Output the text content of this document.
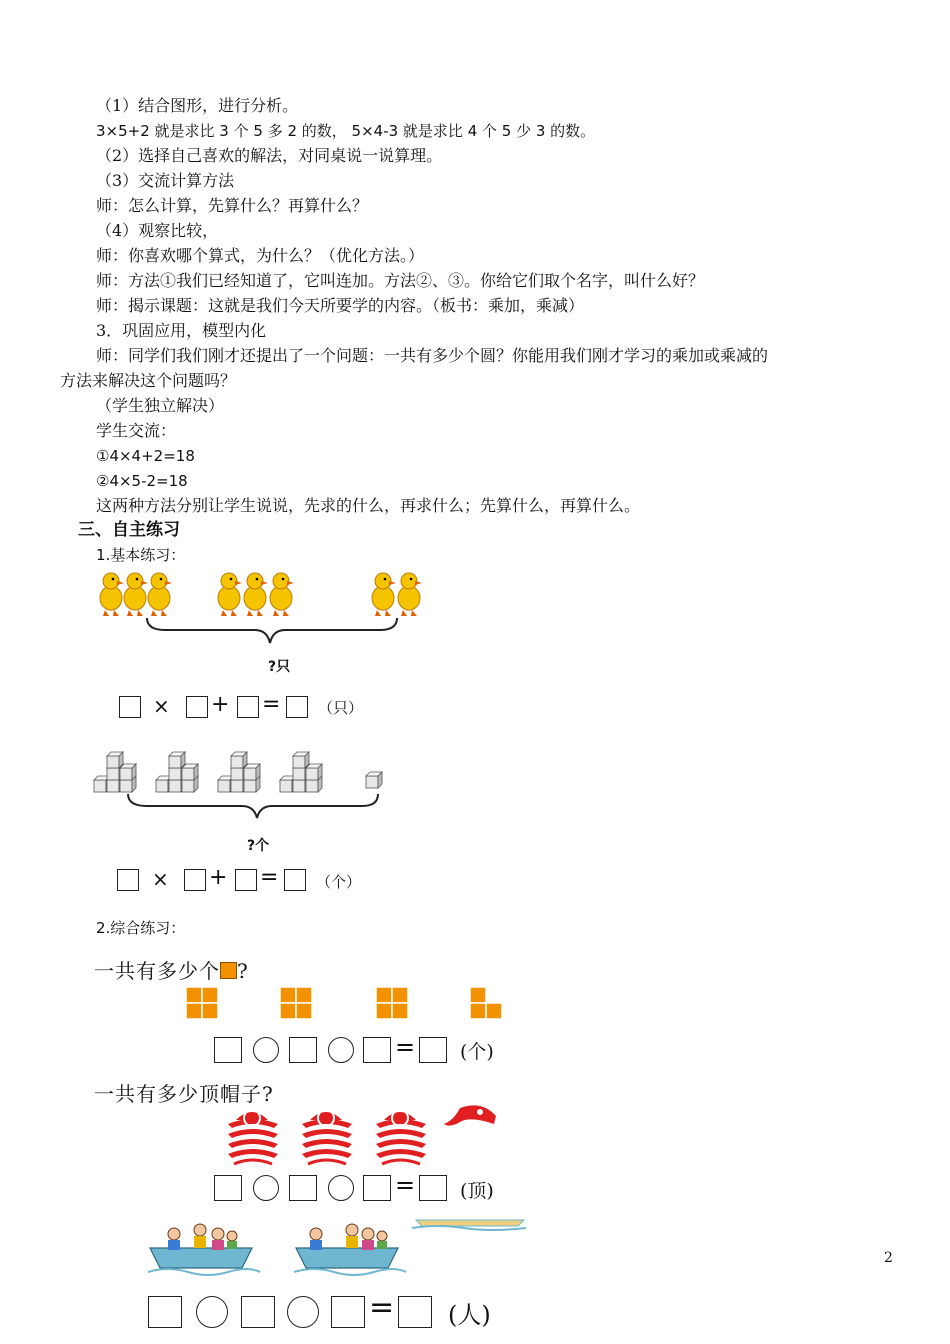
（1）结合图形，进行分析。
3×5+2 就是求比 3 个 5 多 2 的数， 5×4-3 就是求比 4 个 5 少 3 的数。
（2）选择自己喜欢的解法，对同桌说一说算理。
（3）交流计算方法
师：怎么计算，先算什么？再算什么？
（4）观察比较，
师：你喜欢哪个算式，为什么？（优化方法。）
师：方法①我们已经知道了，它叫连加。方法②、③。你给它们取个名字，叫什么好？
师：揭示课题：这就是我们今天所要学的内容。（板书：乘加，乘减）
3．巩固应用，模型内化
师：同学们我们刚才还提出了一个问题：一共有多少个圆？你能用我们刚才学习的乘加或乘减的
方法来解决这个问题吗？
（学生独立解决）
学生交流：
①4×4+2=18
②4×5-2=18
这两种方法分别让学生说说，先求的什么，再求什么；先算什么，再算什么。
三、自主练习
1.基本练习：
?只
× + =	（只）
?个
× + =	（个）
2.综合练习：
一共有多少个 ?
= (个)
一共有多少顶帽子?
= (顶)
2
= (人)
